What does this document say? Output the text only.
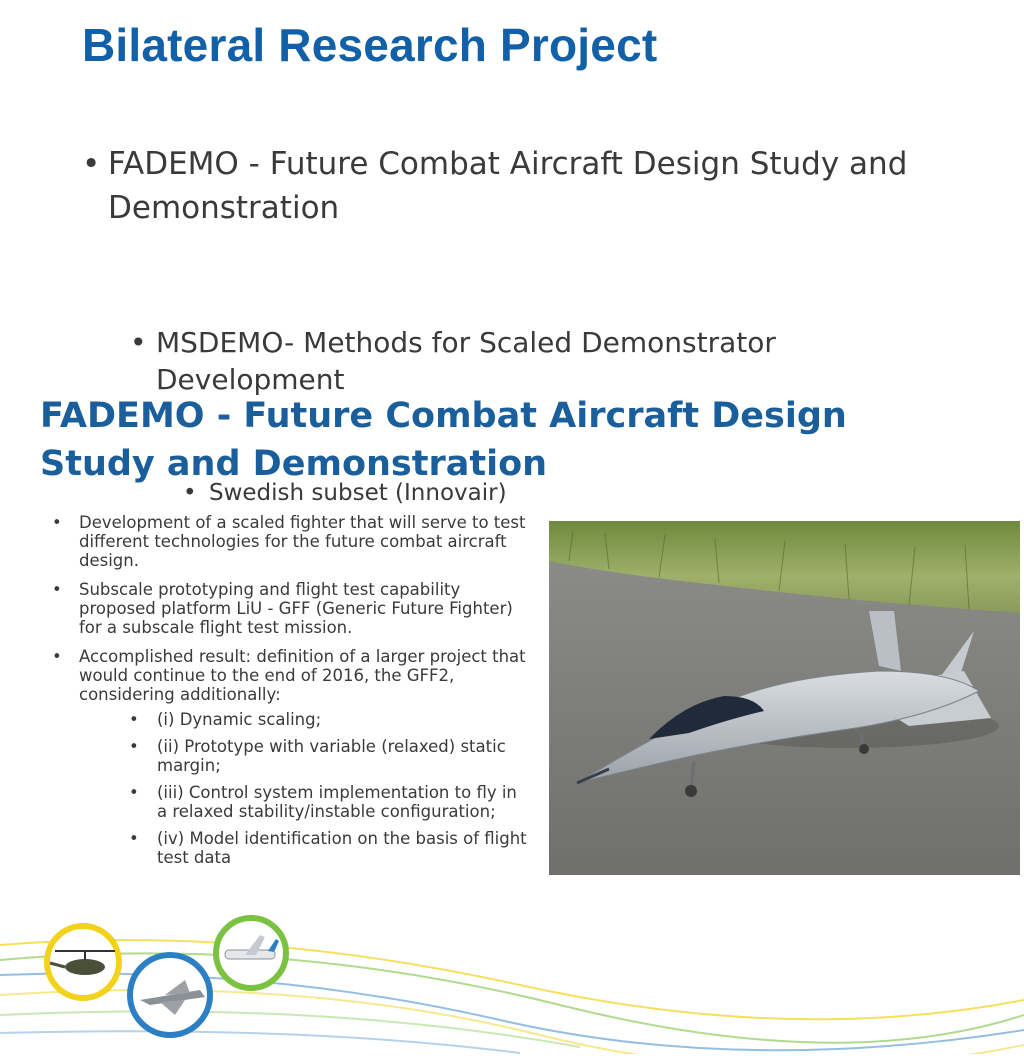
Bilateral Research Project
• FADEMO - Future Combat Aircraft Design Study and Demonstration
• MSDEMO- Methods for Scaled Demonstrator Development
• Swedish subset (Innovair)
FADEMO - Future Combat Aircraft Design Study and Demonstration
• Development of a scaled fighter that will serve to test different technologies for the future combat aircraft design.
• Subscale prototyping and flight test capability proposed platform LiU - GFF (Generic Future Fighter) for a subscale flight test mission.
• Accomplished result: definition of a larger project that would continue to the end of 2016, the GFF2, considering additionally:
• (i) Dynamic scaling;
• (ii) Prototype with variable (relaxed) static margin;
• (iii) Control system implementation to fly in a relaxed stability/instable configuration;
• (iv) Model identification on the basis of flight test data
